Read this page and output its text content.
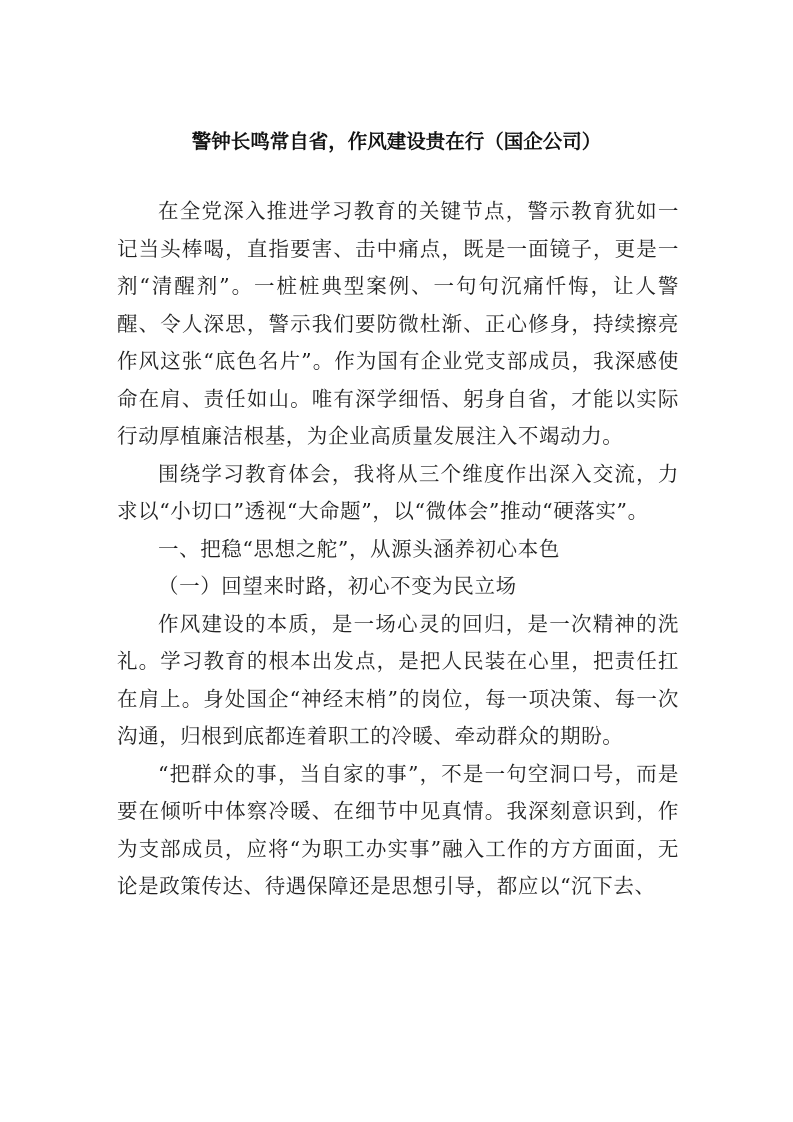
警钟长鸣常自省，作风建设贵在行（国企公司）

在全党深入推进学习教育的关键节点，警示教育犹如一记当头棒喝，直指要害、击中痛点，既是一面镜子，更是一剂“清醒剂”。一桩桩典型案例、一句句沉痛忏悔，让人警醒、令人深思，警示我们要防微杜渐、正心修身，持续擦亮作风这张“底色名片”。作为国有企业党支部成员，我深感使命在肩、责任如山。唯有深学细悟、躬身自省，才能以实际行动厚植廉洁根基，为企业高质量发展注入不竭动力。

围绕学习教育体会，我将从三个维度作出深入交流，力求以“小切口”透视“大命题”，以“微体会”推动“硬落实”。

一、把稳“思想之舵”，从源头涵养初心本色

（一）回望来时路，初心不变为民立场

作风建设的本质，是一场心灵的回归，是一次精神的洗礼。学习教育的根本出发点，是把人民装在心里，把责任扛在肩上。身处国企“神经末梢”的岗位，每一项决策、每一次沟通，归根到底都连着职工的冷暖、牵动群众的期盼。

“把群众的事，当自家的事”，不是一句空洞口号，而是要在倾听中体察冷暖、在细节中见真情。我深刻意识到，作为支部成员，应将“为职工办实事”融入工作的方方面面，无论是政策传达、待遇保障还是思想引导，都应以“沉下去、
